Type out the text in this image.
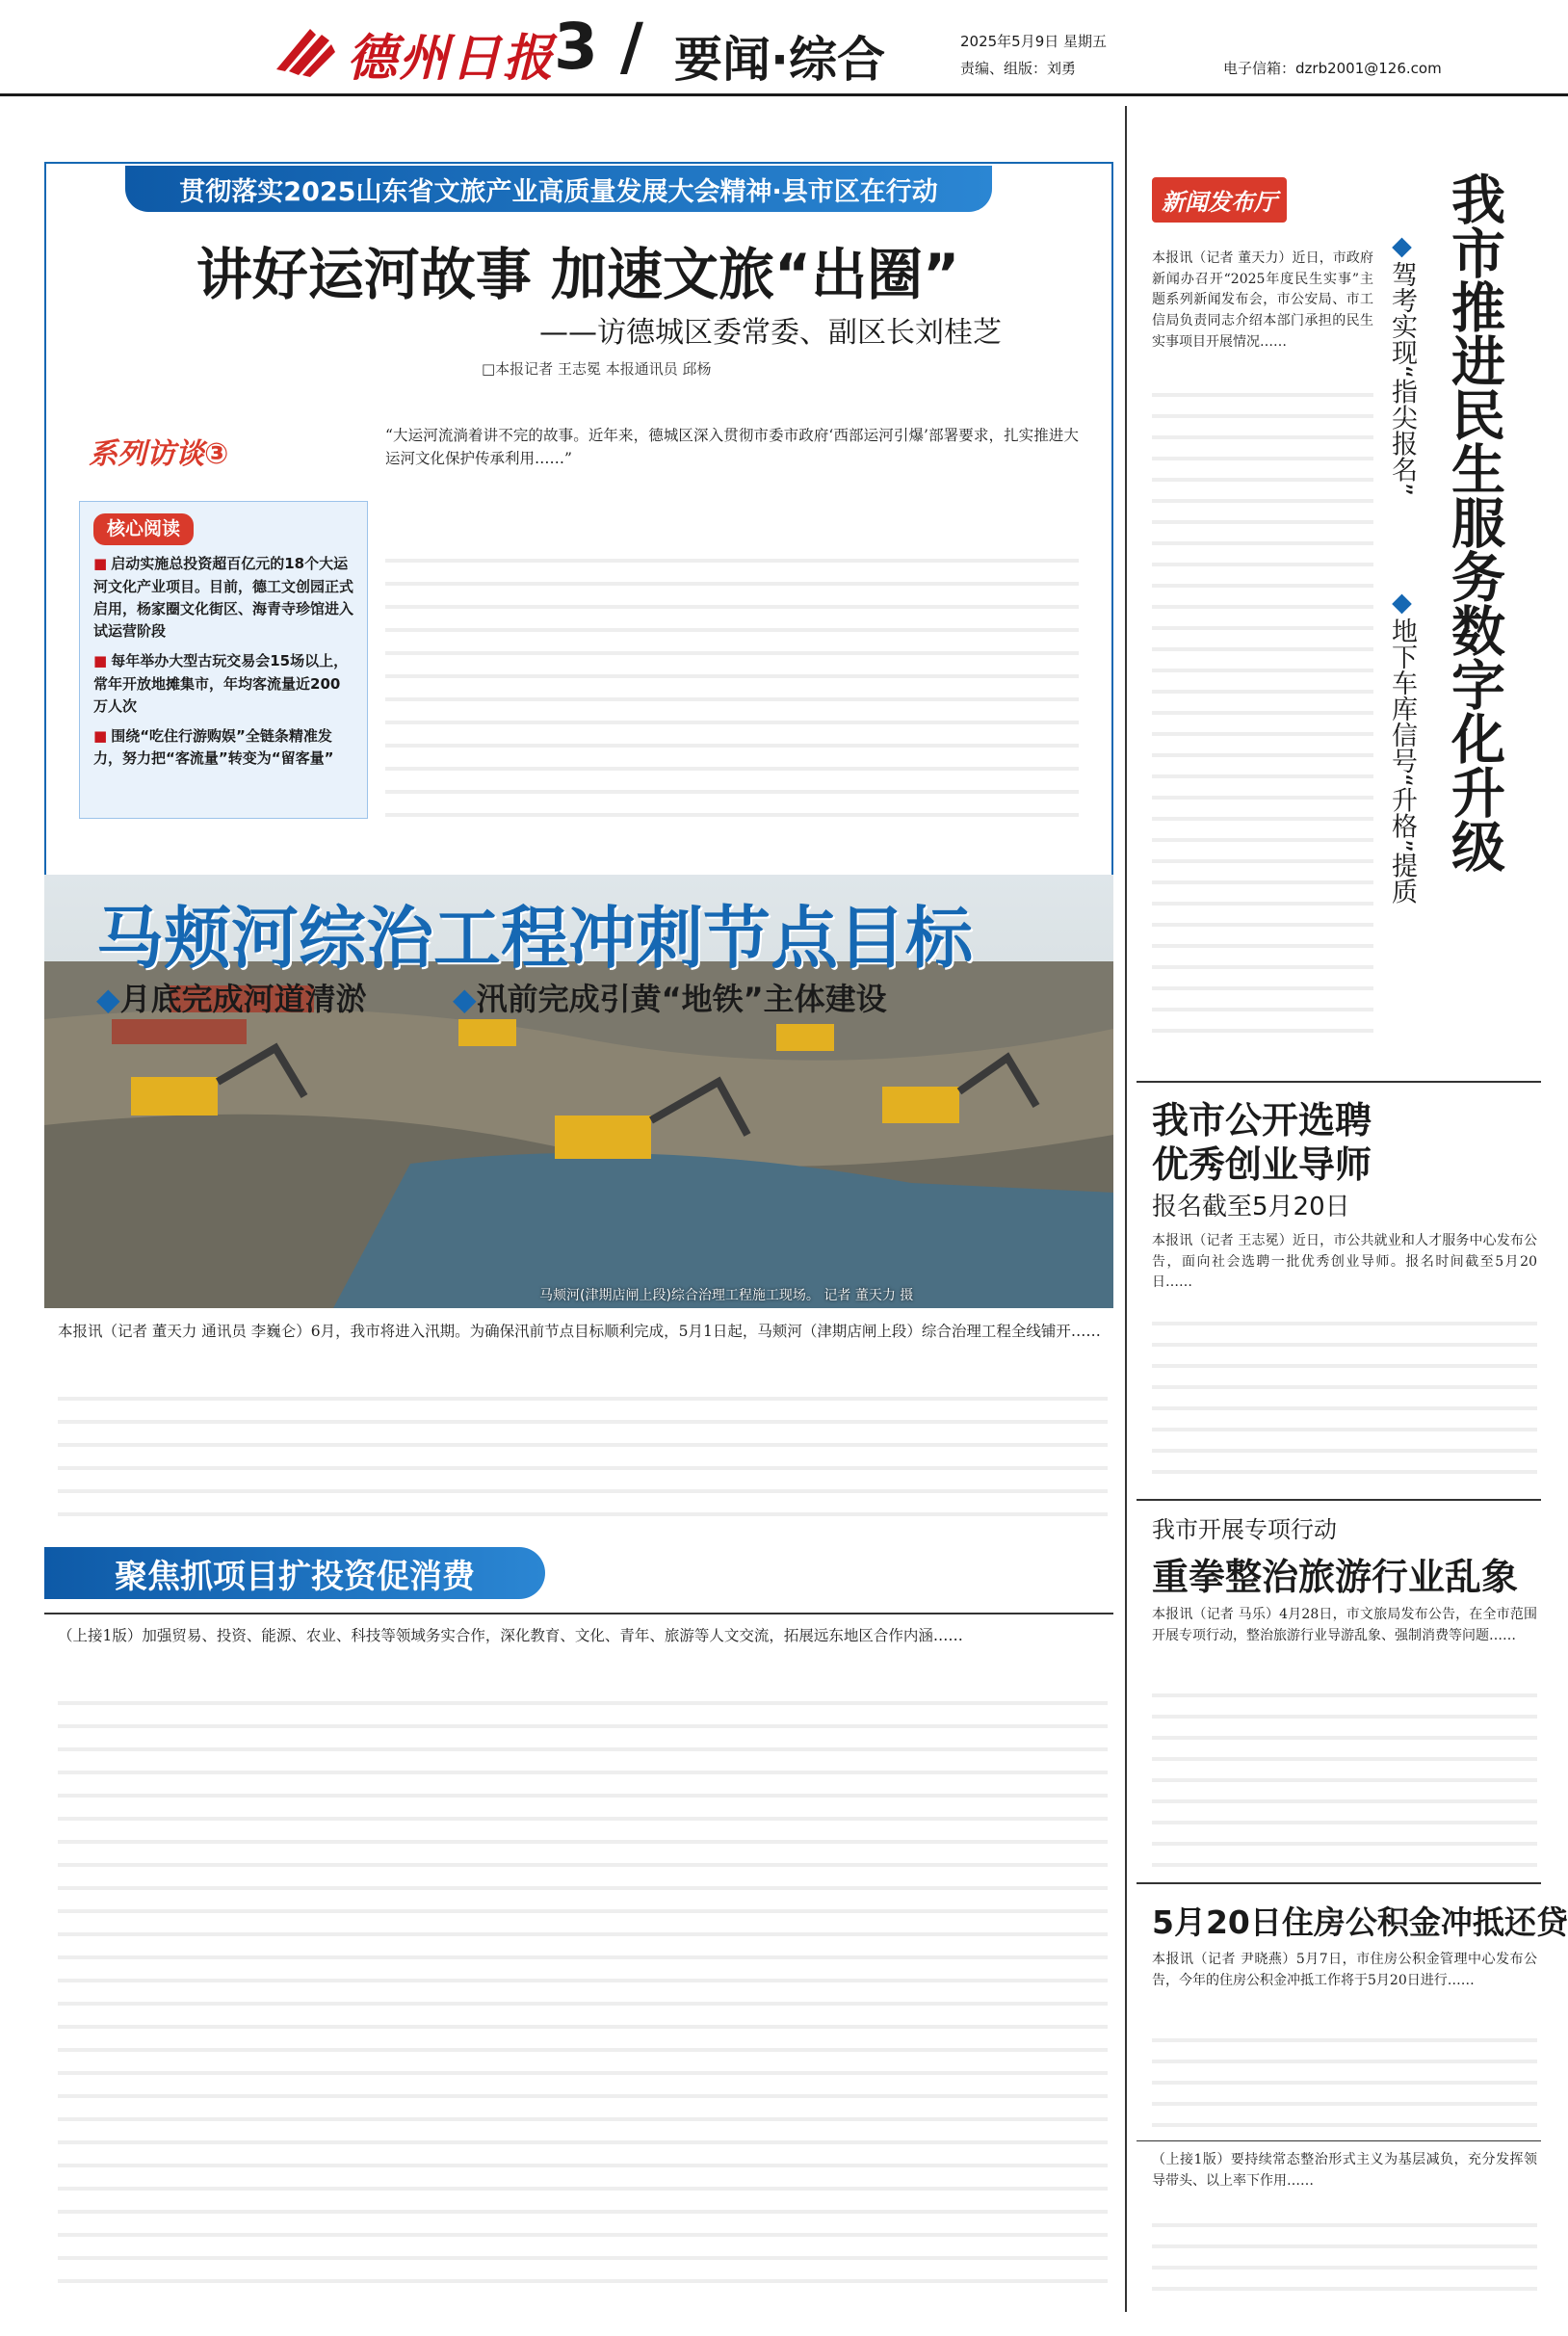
德州日报
3 / 要闻·综合	2025年5月9日 星期五
责编、组版：刘勇	电子信箱：dzrb2001@126.com
贯彻落实2025山东省文旅产业高质量发展大会精神·县市区在行动
讲好运河故事 加速文旅“出圈”
——访德城区委常委、副区长刘桂芝
□本报记者 王志冕 本报通讯员 邱杨
系列访谈③
核心阅读
■ 启动实施总投资超百亿元的18个大运河文化产业项目。目前，德工文创园正式启用，杨家圈文化街区、海青寺珍馆进入试运营阶段
■ 每年举办大型古玩交易会15场以上，常年开放地摊集市，年均客流量近200万人次
■ 围绕“吃住行游购娱”全链条精准发力，努力把“客流量”转变为“留客量”
“大运河流淌着讲不完的故事。近年来，德城区深入贯彻市委市政府‘西部运河引爆’部署要求，扎实推进大运河文化保护传承利用……”
马颊河综治工程冲刺节点目标
◆ 月底完成河道清淤
◆	汛前完成引黄“地铁”主体建设
马颊河(津期店闸上段)综合治理工程施工现场。 记者 董天力 摄
本报讯（记者 董天力 通讯员 李巍仑）6月，我市将进入汛期。为确保汛前节点目标顺利完成，5月1日起，马颊河（津期店闸上段）综合治理工程全线铺开……
聚焦抓项目扩投资促消费
（上接1版）加强贸易、投资、能源、农业、科技等领域务实合作，深化教育、文化、青年、旅游等人文交流，拓展远东地区合作内涵……
新闻发布厅	我市推进民生服务数字化升级
◆ 驾考实现“指尖报名”
◆ 地下车库信号“升格”提质
本报讯（记者 董天力）近日，市政府新闻办召开“2025年度民生实事”主题系列新闻发布会，市公安局、市工信局负责同志介绍本部门承担的民生实事项目开展情况……
我市公开选聘
优秀创业导师
报名截至5月20日
本报讯（记者 王志冕）近日，市公共就业和人才服务中心发布公告，面向社会选聘一批优秀创业导师。报名时间截至5月20日……
我市开展专项行动
重拳整治旅游行业乱象
本报讯（记者 马乐）4月28日，市文旅局发布公告，在全市范围开展专项行动，整治旅游行业导游乱象、强制消费等问题……
5月20日住房公积金冲抵还贷
本报讯（记者 尹晓燕）5月7日，市住房公积金管理中心发布公告，今年的住房公积金冲抵工作将于5月20日进行……
（上接1版）要持续常态整治形式主义为基层减负，充分发挥领导带头、以上率下作用……
